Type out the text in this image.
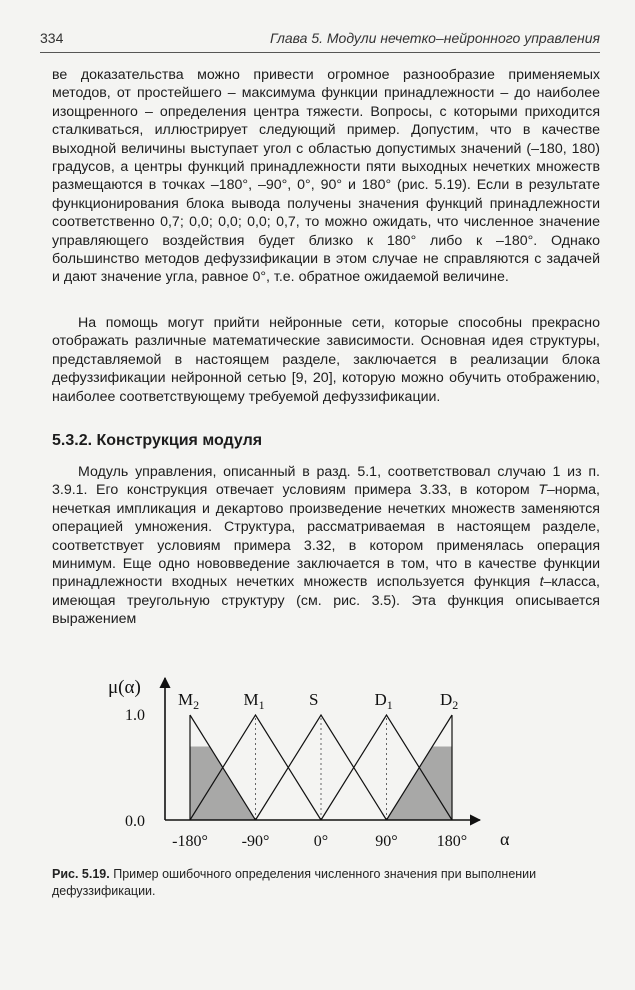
334	Глава 5. Модули нечетко–нейронного управления

ве доказательства можно привести огромное разнообразие применяемых методов, от простейшего – максимума функции принадлежности – до наиболее изощренного – определения центра тяжести. Вопросы, с которыми приходится сталкиваться, иллюстрирует следующий пример. Допустим, что в качестве выходной величины выступает угол с областью допустимых значений (–180, 180) градусов, а центры функций принадлежности пяти выходных нечетких множеств размещаются в точках –180°, –90°, 0°, 90° и 180° (рис. 5.19). Если в результате функционирования блока вывода получены значения функций принадлежности соответственно 0,7; 0,0; 0,0; 0,0; 0,7, то можно ожидать, что численное значение управляющего воздействия будет близко к 180° либо к –180°. Однако большинство методов дефуззификации в этом случае не справляются с задачей и дают значение угла, равное 0°, т.е. обратное ожидаемой величине.

На помощь могут прийти нейронные сети, которые способны прекрасно отображать различные математические зависимости. Основная идея структуры, представляемой в настоящем разделе, заключается в реализации блока дефуззификации нейронной сетью [9, 20], которую можно обучить отображению, наиболее соответствующему требуемой дефуззификации.

5.3.2. Конструкция модуля

Модуль управления, описанный в разд. 5.1, соответствовал случаю 1 из п. 3.9.1. Его конструкция отвечает условиям примера 3.33, в котором T–норма, нечеткая импликация и декартово произведение нечетких множеств заменяются операцией умножения. Структура, рассматриваемая в настоящем разделе, соответствует условиям примера 3.32, в котором применялась операция минимум. Еще одно нововведение заключается в том, что в качестве функции принадлежности входных нечетких множеств используется функция t–класса, имеющая треугольную структуру (см. рис. 3.5). Эта функция описывается выражением

μ(α)
1.0
0.0
α
-180° -90°	0°	90° 180°
$M_2$	$M_1$	S	$D_1$	$D_2$
Рис. 5.19. Пример ошибочного определения численного значения при выполнении дефуззификации.
